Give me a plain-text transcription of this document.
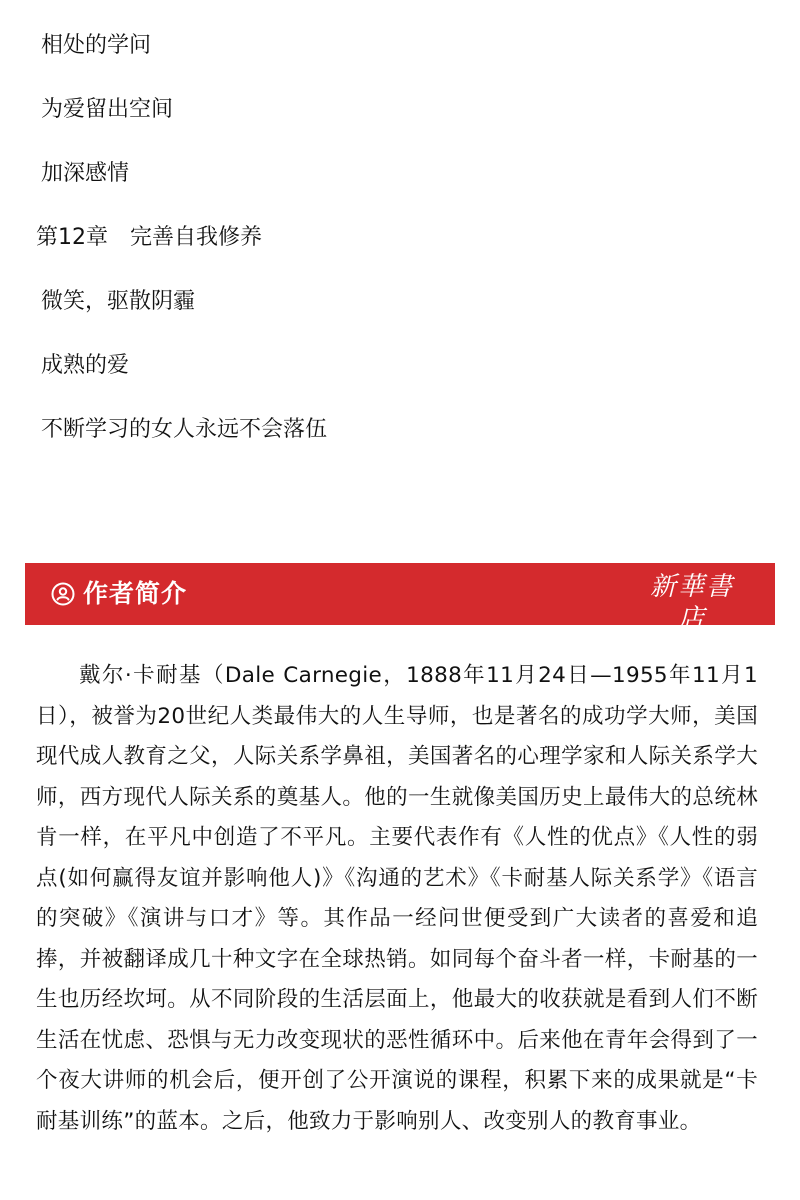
相处的学问
为爱留出空间
加深感情
第12章　完善自我修养
微笑，驱散阴霾
成熟的爱
不断学习的女人永远不会落伍
作者简介	新華書店
XINHUA BOOKSTORE

戴尔·卡耐基（Dale Carnegie，1888年11月24日—1955年11月1日），被誉为20世纪人类最伟大的人生导师，也是著名的成功学大师，美国现代成人教育之父，人际关系学鼻祖，美国著名的心理学家和人际关系学大师，西方现代人际关系的奠基人。他的一生就像美国历史上最伟大的总统林肯一样，在平凡中创造了不平凡。主要代表作有《人性的优点》《人性的弱点(如何赢得友谊并影响他人)》《沟通的艺术》《卡耐基人际关系学》《语言的突破》《演讲与口才》等。其作品一经问世便受到广大读者的喜爱和追捧，并被翻译成几十种文字在全球热销。如同每个奋斗者一样，卡耐基的一生也历经坎坷。从不同阶段的生活层面上，他最大的收获就是看到人们不断生活在忧虑、恐惧与无力改变现状的恶性循环中。后来他在青年会得到了一个夜大讲师的机会后，便开创了公开演说的课程，积累下来的成果就是“卡耐基训练”的蓝本。之后，他致力于影响别人、改变别人的教育事业。
